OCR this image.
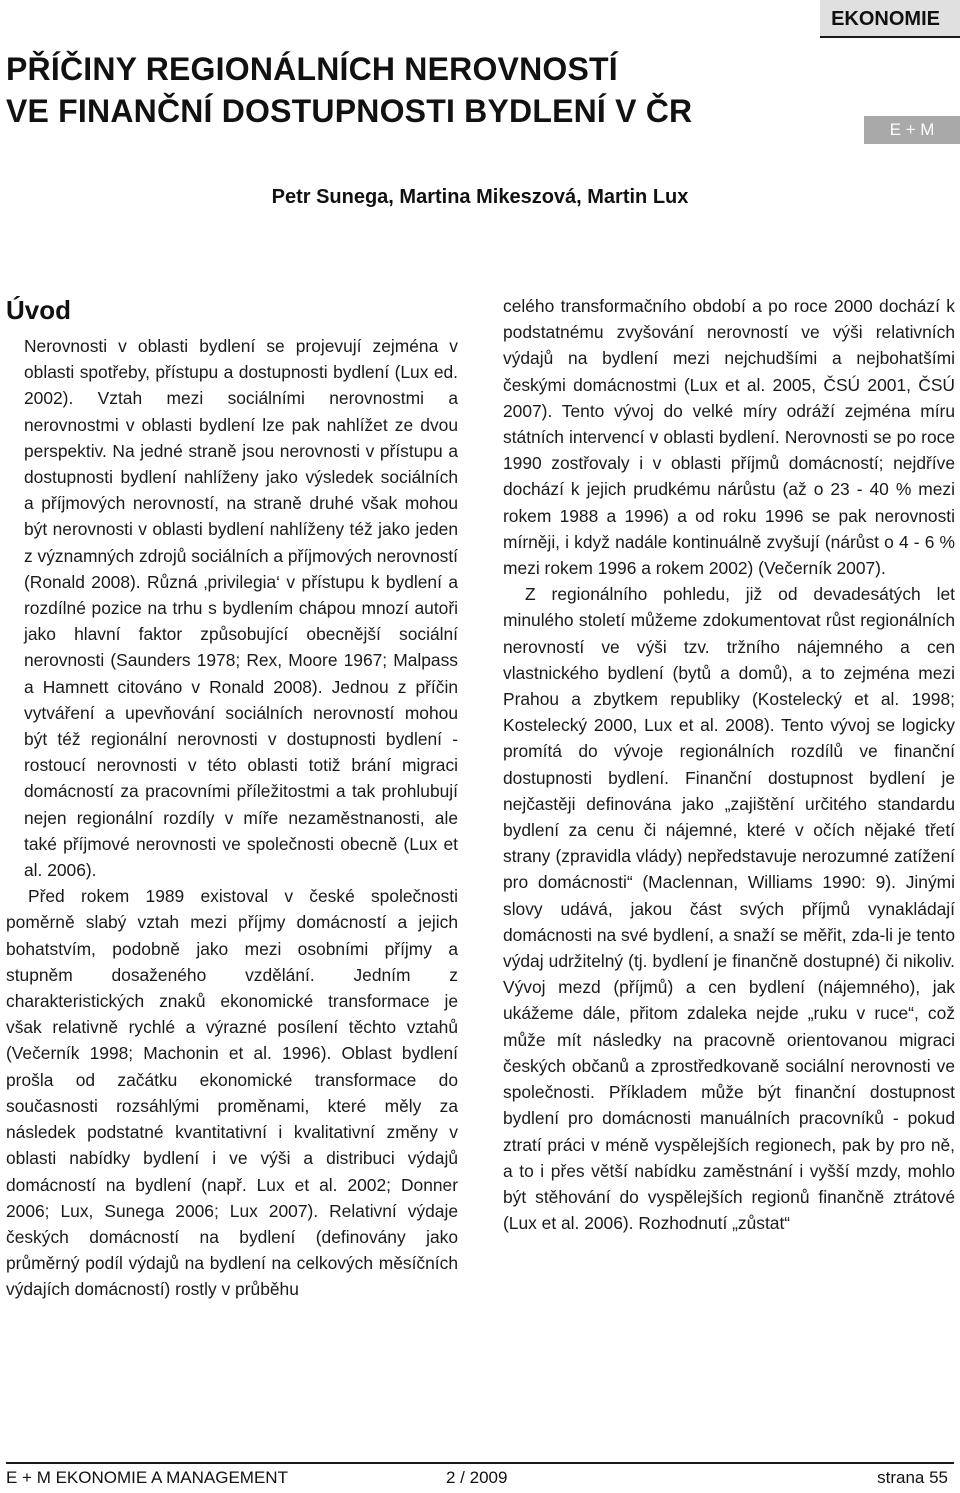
EKONOMIE
PŘÍČINY REGIONÁLNÍCH NEROVNOSTÍ
VE FINANČNÍ DOSTUPNOSTI BYDLENÍ V ČR
E + M
Petr Sunega, Martina Mikeszová, Martin Lux
Úvod

Nerovnosti v oblasti bydlení se projevují zejména v oblasti spotřeby, přístupu a dostupnosti bydlení (Lux ed. 2002). Vztah mezi sociálními nerovnostmi a nerovnostmi v oblasti bydlení lze pak nahlížet ze dvou perspektiv. Na jedné straně jsou nerovnosti v přístupu a dostupnosti bydlení nahlíženy jako výsledek sociálních a příjmových nerovností, na straně druhé však mohou být nerovnosti v oblasti bydlení nahlíženy též jako jeden z významných zdrojů sociálních a příjmových nerovností (Ronald 2008). Různá ‚privilegia‘ v přístupu k bydlení a rozdílné pozice na trhu s bydlením chápou mnozí autoři jako hlavní faktor způsobující obecnější sociální nerovnosti (Saunders 1978; Rex, Moore 1967; Malpass a Hamnett citováno v Ronald 2008). Jednou z příčin vytváření a upevňování sociálních nerovností mohou být též regionální nerovnosti v dostupnosti bydlení - rostoucí nerovnosti v této oblasti totiž brání migraci domácností za pracovními příležitostmi a tak prohlubují nejen regionální rozdíly v míře nezaměstnanosti, ale také příjmové nerovnosti ve společnosti obecně (Lux et al. 2006).

Před rokem 1989 existoval v české společnosti poměrně slabý vztah mezi příjmy domácností a jejich bohatstvím, podobně jako mezi osobními příjmy a stupněm dosaženého vzdělání. Jedním z charakteristických znaků ekonomické transformace je však relativně rychlé a výrazné posílení těchto vztahů (Večerník 1998; Machonin et al. 1996). Oblast bydlení prošla od začátku ekonomické transformace do současnosti rozsáhlými proměnami, které měly za následek podstatné kvantitativní i kvalitativní změny v oblasti nabídky bydlení i ve výši a distribuci výdajů domácností na bydlení (např. Lux et al. 2002; Donner 2006; Lux, Sunega 2006; Lux 2007). Relativní výdaje českých domácností na bydlení (definovány jako průměrný podíl výdajů na bydlení na celkových měsíčních výdajích domácností) rostly v průběhu

celého transformačního období a po roce 2000 dochází k podstatnému zvyšování nerovností ve výši relativních výdajů na bydlení mezi nejchudšími a nejbohatšími českými domácnostmi (Lux et al. 2005, ČSÚ 2001, ČSÚ 2007). Tento vývoj do velké míry odráží zejména míru státních intervencí v oblasti bydlení. Nerovnosti se po roce 1990 zostřovaly i v oblasti příjmů domácností; nejdříve dochází k jejich prudkému nárůstu (až o 23 - 40 % mezi rokem 1988 a 1996) a od roku 1996 se pak nerovnosti mírněji, i když nadále kontinuálně zvyšují (nárůst o 4 - 6 % mezi rokem 1996 a rokem 2002) (Večerník 2007).

Z regionálního pohledu, již od devadesátých let minulého století můžeme zdokumentovat růst regionálních nerovností ve výši tzv. tržního nájemného a cen vlastnického bydlení (bytů a domů), a to zejména mezi Prahou a zbytkem republiky (Kostelecký et al. 1998; Kostelecký 2000, Lux et al. 2008). Tento vývoj se logicky promítá do vývoje regionálních rozdílů ve finanční dostupnosti bydlení. Finanční dostupnost bydlení je nejčastěji definována jako „zajištění určitého standardu bydlení za cenu či nájemné, které v očích nějaké třetí strany (zpravidla vlády) nepředstavuje nerozumné zatížení pro domácnosti“ (Maclennan, Williams 1990: 9). Jinými slovy udává, jakou část svých příjmů vynakládají domácnosti na své bydlení, a snaží se měřit, zda-li je tento výdaj udržitelný (tj. bydlení je finančně dostupné) či nikoliv. Vývoj mezd (příjmů) a cen bydlení (nájemného), jak ukážeme dále, přitom zdaleka nejde „ruku v ruce“, což může mít následky na pracovně orientovanou migraci českých občanů a zprostředkovaně sociální nerovnosti ve společnosti. Příkladem může být finanční dostupnost bydlení pro domácnosti manuálních pracovníků - pokud ztratí práci v méně vyspělejších regionech, pak by pro ně, a to i přes větší nabídku zaměstnání i vyšší mzdy, mohlo být stěhování do vyspělejších regionů finančně ztrátové (Lux et al. 2006). Rozhodnutí „zůstat“

E + M EKONOMIE A MANAGEMENT	2 / 2009	strana 55
